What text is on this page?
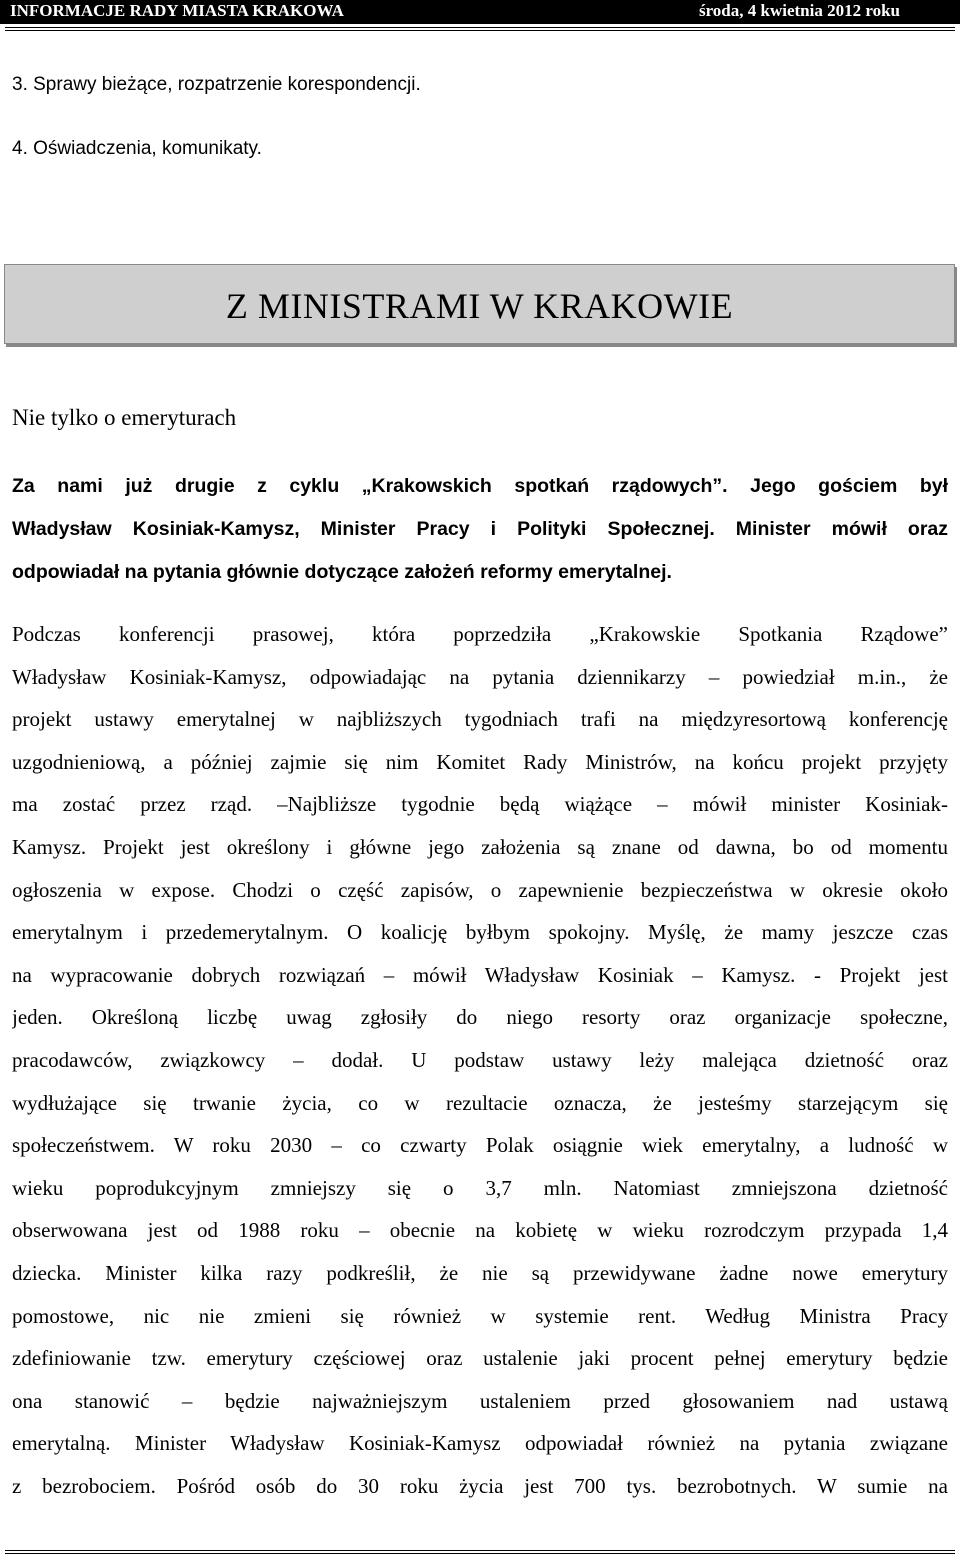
INFORMACJE RADY MIASTA KRAKOWA	środa, 4 kwietnia 2012 roku
3. Sprawy bieżące, rozpatrzenie korespondencji.
4. Oświadczenia, komunikaty.
Z MINISTRAMI W KRAKOWIE
Nie tylko o emeryturach
Za nami już drugie z cyklu „Krakowskich spotkań rządowych”. Jego gościem był
Władysław Kosiniak-Kamysz, Minister Pracy i Polityki Społecznej. Minister mówił oraz
odpowiadał na pytania głównie dotyczące założeń reformy emerytalnej.
Podczas konferencji prasowej, która poprzedziła „Krakowskie Spotkania Rządowe”
Władysław Kosiniak-Kamysz, odpowiadając na pytania dziennikarzy – powiedział m.in., że
projekt ustawy emerytalnej w najbliższych tygodniach trafi na międzyresortową konferencję
uzgodnieniową, a później zajmie się nim Komitet Rady Ministrów, na końcu projekt przyjęty
ma zostać przez rząd. –Najbliższe tygodnie będą wiążące – mówił minister Kosiniak-
Kamysz. Projekt jest określony i główne jego założenia są znane od dawna, bo od momentu
ogłoszenia w expose. Chodzi o część zapisów, o zapewnienie bezpieczeństwa w okresie około
emerytalnym i przedemerytalnym. O koalicję byłbym spokojny. Myślę, że mamy jeszcze czas
na wypracowanie dobrych rozwiązań – mówił Władysław Kosiniak – Kamysz. - Projekt jest
jeden. Określoną liczbę uwag zgłosiły do niego resorty oraz organizacje społeczne,
pracodawców, związkowcy – dodał. U podstaw ustawy leży malejąca dzietność oraz
wydłużające się trwanie życia, co w rezultacie oznacza, że jesteśmy starzejącym się
społeczeństwem. W roku 2030 – co czwarty Polak osiągnie wiek emerytalny, a ludność w
wieku poprodukcyjnym zmniejszy się o 3,7 mln. Natomiast zmniejszona dzietność
obserwowana jest od 1988 roku – obecnie na kobietę w wieku rozrodczym przypada 1,4
dziecka. Minister kilka razy podkreślił, że nie są przewidywane żadne nowe emerytury
pomostowe, nic nie zmieni się również w systemie rent. Według Ministra Pracy
zdefiniowanie tzw. emerytury częściowej oraz ustalenie jaki procent pełnej emerytury będzie
ona stanowić – będzie najważniejszym ustaleniem przed głosowaniem nad ustawą
emerytalną. Minister Władysław Kosiniak-Kamysz odpowiadał również na pytania związane
z bezrobociem. Pośród osób do 30 roku życia jest 700 tys. bezrobotnych. W sumie na
